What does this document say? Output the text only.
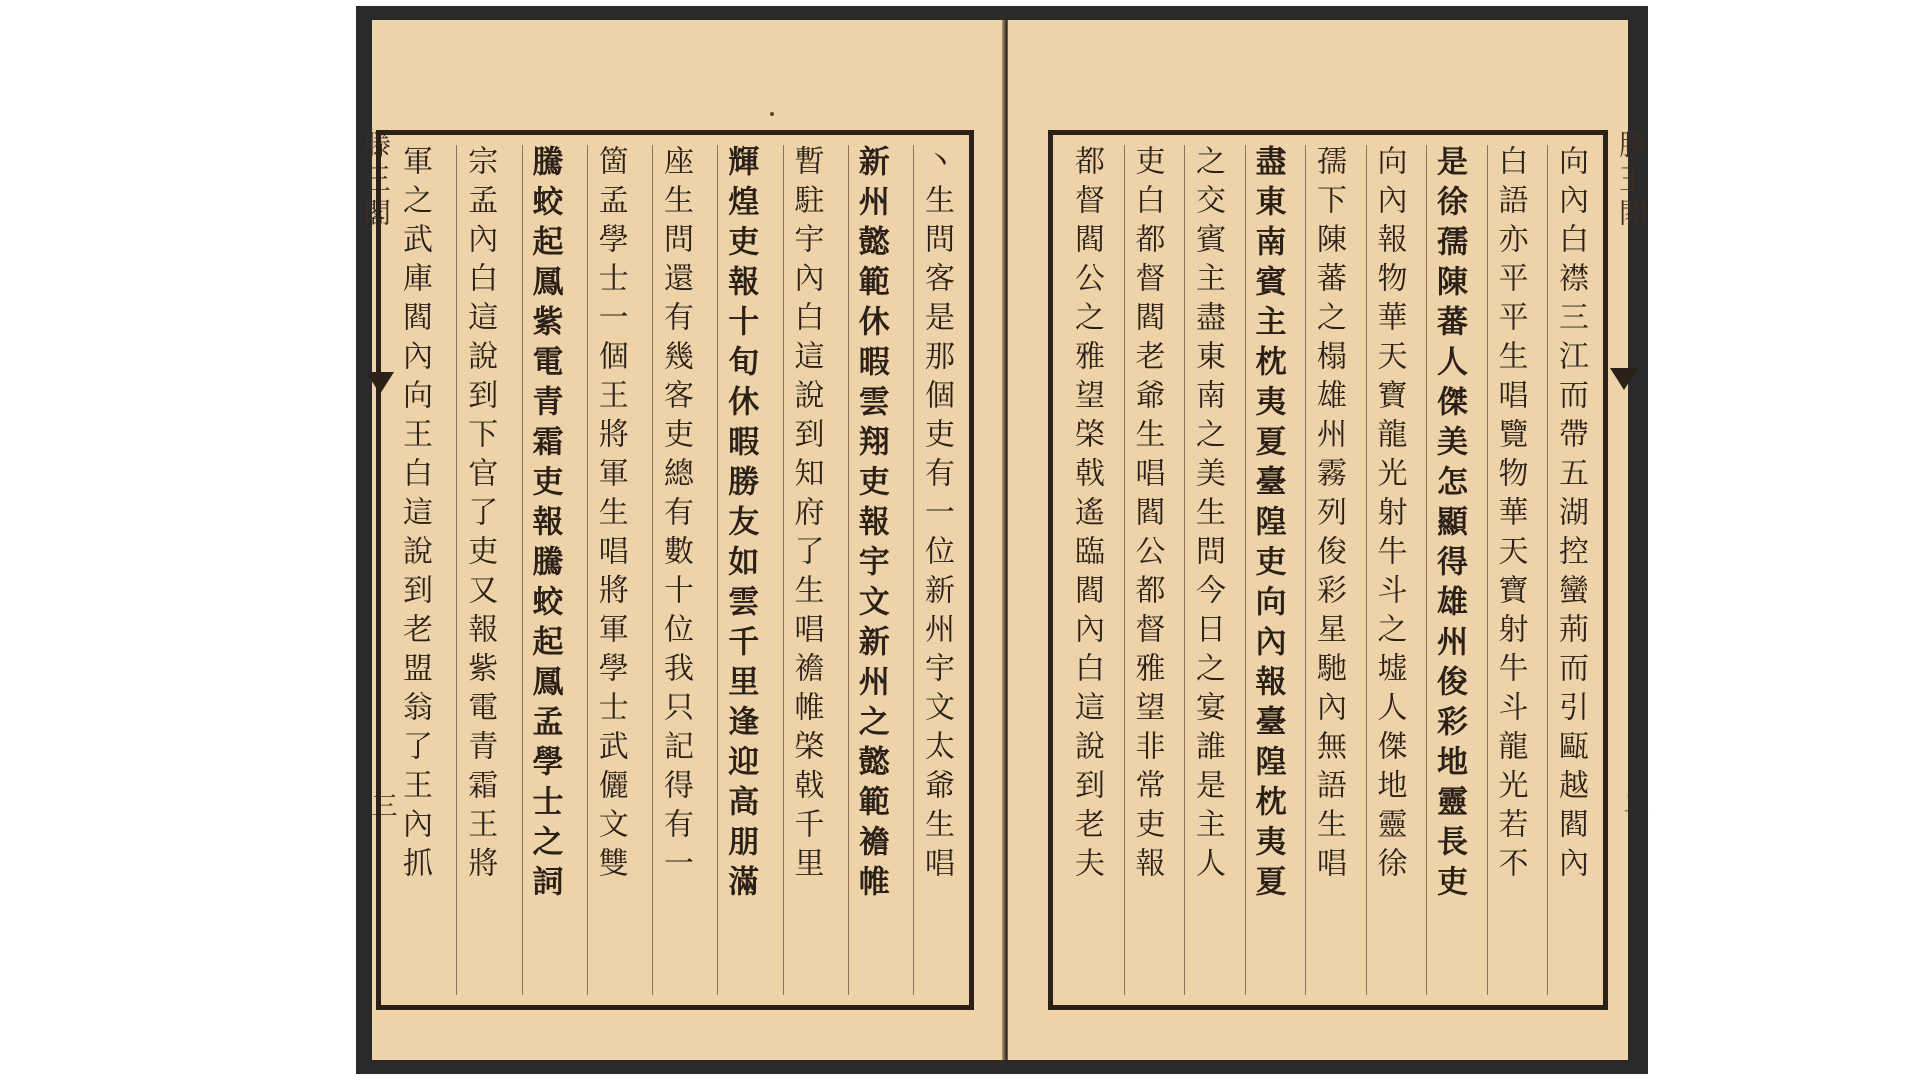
滕王閣
三	丶生問客是那個吏有一位新州宇文太爺生唱
新州懿範休暇雲翔吏報宇文新州之懿範襜帷
暫駐宇內白這說到知府了生唱襜帷棨戟千里
輝煌吏報十旬休暇勝友如雲千里逢迎高朋滿
座生問還有幾客吏總有數十位我只記得有一
箇孟學士一個王將軍生唱將軍學士武儷文雙
騰蛟起鳳紫電青霜吏報騰蛟起鳳孟學士之詞
宗孟內白這說到下官了吏又報紫電青霜王將
軍之武庫閻內向王白這說到老盟翁了王內抓	滕王閣
二
向內白襟三江而帶五湖控蠻荊而引甌越閻內
白語亦平平生唱覽物華天寶射牛斗龍光若不
是徐孺陳蕃人傑美怎顯得雄州俊彩地靈長吏
向內報物華天寶龍光射牛斗之墟人傑地靈徐
孺下陳蕃之榻雄州霧列俊彩星馳內無語生唱
盡東南賓主枕夷夏臺隍吏向內報臺隍枕夷夏
之交賓主盡東南之美生問今日之宴誰是主人
吏白都督閻老爺生唱閻公都督雅望非常吏報
都督閻公之雅望棨戟遙臨閻內白這說到老夫
